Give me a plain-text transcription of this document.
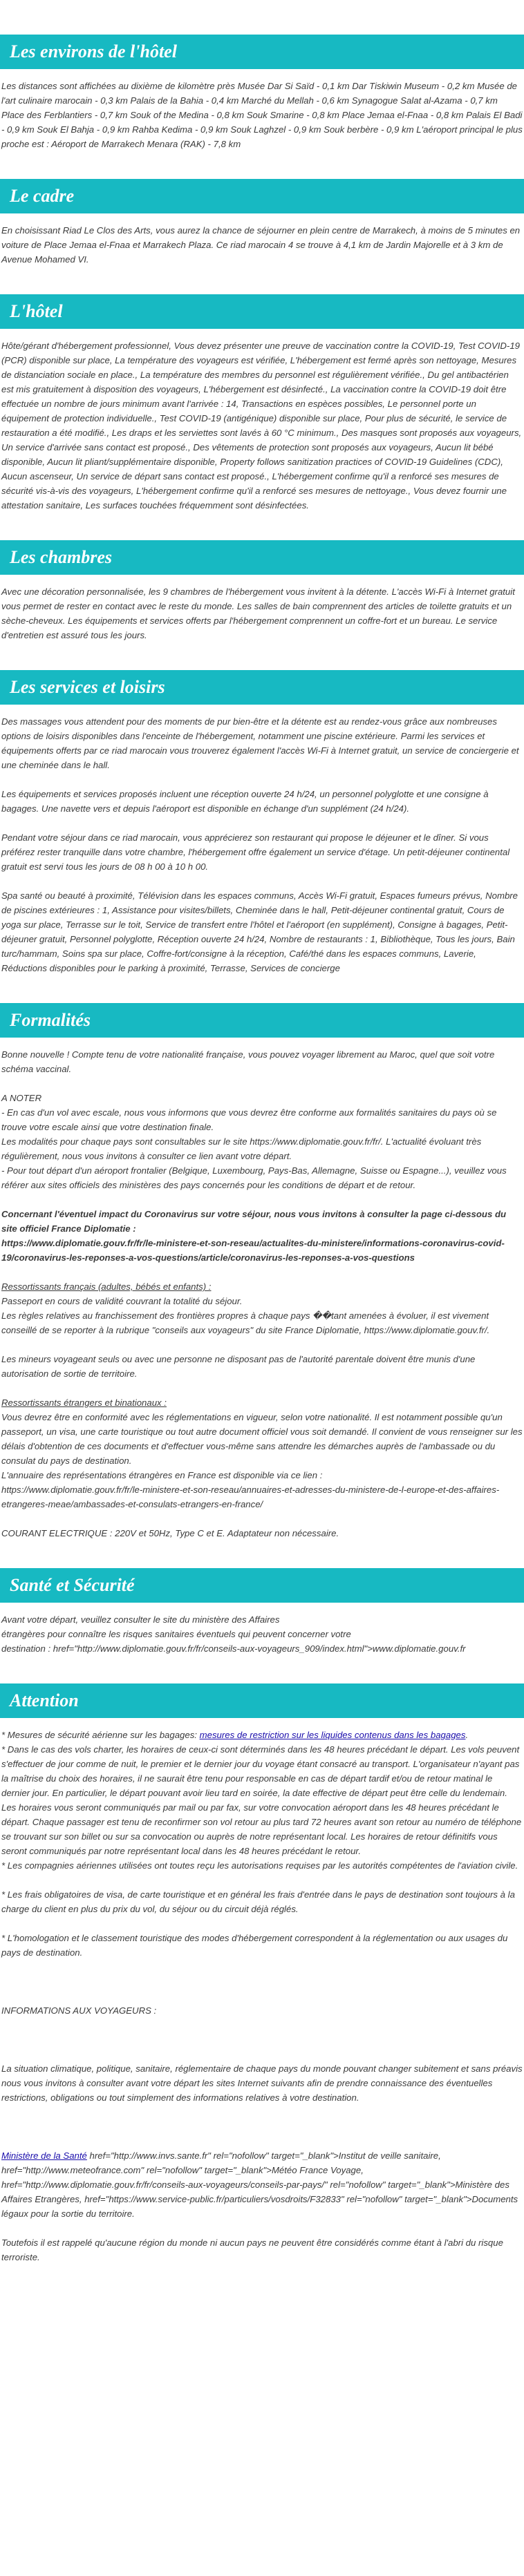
Les environs de l'hôtel

Les distances sont affichées au dixième de kilomètre près Musée Dar Si Saïd - 0,1 km Dar Tiskiwin Museum - 0,2 km Musée de l'art culinaire marocain - 0,3 km Palais de la Bahia - 0,4 km Marché du Mellah - 0,6 km Synagogue Salat al-Azama - 0,7 km Place des Ferblantiers - 0,7 km Souk of the Medina - 0,8 km Souk Smarine - 0,8 km Place Jemaa el-Fnaa - 0,8 km Palais El Badi - 0,9 km Souk El Bahja - 0,9 km Rahba Kedima - 0,9 km Souk Laghzel - 0,9 km Souk berbère - 0,9 km L'aéroport principal le plus proche est : Aéroport de Marrakech Menara (RAK) - 7,8 km

Le cadre

En choisissant Riad Le Clos des Arts, vous aurez la chance de séjourner en plein centre de Marrakech, à moins de 5 minutes en voiture de Place Jemaa el-Fnaa et Marrakech Plaza. Ce riad marocain 4 se trouve à 4,1 km de Jardin Majorelle et à 3 km de Avenue Mohamed VI.

L'hôtel

Hôte/gérant d'hébergement professionnel, Vous devez présenter une preuve de vaccination contre la COVID-19, Test COVID-19 (PCR) disponible sur place, La température des voyageurs est vérifiée, L'hébergement est fermé après son nettoyage, Mesures de distanciation sociale en place., La température des membres du personnel est régulièrement vérifiée., Du gel antibactérien est mis gratuitement à disposition des voyageurs, L'hébergement est désinfecté., La vaccination contre la COVID-19 doit être effectuée un nombre de jours minimum avant l'arrivée : 14, Transactions en espèces possibles, Le personnel porte un équipement de protection individuelle., Test COVID-19 (antigénique) disponible sur place, Pour plus de sécurité, le service de restauration a été modifié., Les draps et les serviettes sont lavés à 60 °C minimum., Des masques sont proposés aux voyageurs, Un service d'arrivée sans contact est proposé., Des vêtements de protection sont proposés aux voyageurs, Aucun lit bébé disponible, Aucun lit pliant/supplémentaire disponible, Property follows sanitization practices of COVID-19 Guidelines (CDC), Aucun ascenseur, Un service de départ sans contact est proposé., L'hébergement confirme qu'il a renforcé ses mesures de sécurité vis-à-vis des voyageurs, L'hébergement confirme qu'il a renforcé ses mesures de nettoyage., Vous devez fournir une attestation sanitaire, Les surfaces touchées fréquemment sont désinfectées.

Les chambres

Avec une décoration personnalisée, les 9 chambres de l'hébergement vous invitent à la détente. L'accès Wi-Fi à Internet gratuit vous permet de rester en contact avec le reste du monde. Les salles de bain comprennent des articles de toilette gratuits et un sèche-cheveux. Les équipements et services offerts par l'hébergement comprennent un coffre-fort et un bureau. Le service d'entretien est assuré tous les jours.

Les services et loisirs

Des massages vous attendent pour des moments de pur bien-être et la détente est au rendez-vous grâce aux nombreuses options de loisirs disponibles dans l'enceinte de l'hébergement, notamment une piscine extérieure. Parmi les services et équipements offerts par ce riad marocain vous trouverez également l'accès Wi-Fi à Internet gratuit, un service de conciergerie et une cheminée dans le hall.

Les équipements et services proposés incluent une réception ouverte 24 h/24, un personnel polyglotte et une consigne à bagages. Une navette vers et depuis l'aéroport est disponible en échange d'un supplément (24 h/24).

Pendant votre séjour dans ce riad marocain, vous apprécierez son restaurant qui propose le déjeuner et le dîner. Si vous préférez rester tranquille dans votre chambre, l'hébergement offre également un service d'étage. Un petit-déjeuner continental gratuit est servi tous les jours de 08 h 00 à 10 h 00.

Spa santé ou beauté à proximité, Télévision dans les espaces communs, Accès Wi-Fi gratuit, Espaces fumeurs prévus, Nombre de piscines extérieures : 1, Assistance pour visites/billets, Cheminée dans le hall, Petit-déjeuner continental gratuit, Cours de yoga sur place, Terrasse sur le toit, Service de transfert entre l'hôtel et l'aéroport (en supplément), Consigne à bagages, Petit-déjeuner gratuit, Personnel polyglotte, Réception ouverte 24 h/24, Nombre de restaurants : 1, Bibliothèque, Tous les jours, Bain turc/hammam, Soins spa sur place, Coffre-fort/consigne à la réception, Café/thé dans les espaces communs, Laverie, Réductions disponibles pour le parking à proximité, Terrasse, Services de concierge

Formalités

Bonne nouvelle ! Compte tenu de votre nationalité française, vous pouvez voyager librement au Maroc, quel que soit votre schéma vaccinal.

A NOTER

- En cas d'un vol avec escale, nous vous informons que vous devrez être conforme aux formalités sanitaires du pays où se trouve votre escale ainsi que votre destination finale.

Les modalités pour chaque pays sont consultables sur le site https://www.diplomatie.gouv.fr/fr/. L'actualité évoluant très régulièrement, nous vous invitons à consulter ce lien avant votre départ.

- Pour tout départ d'un aéroport frontalier (Belgique, Luxembourg, Pays-Bas, Allemagne, Suisse ou Espagne...), veuillez vous référer aux sites officiels des ministères des pays concernés pour les conditions de départ et de retour.

Concernant l'éventuel impact du Coronavirus sur votre séjour, nous vous invitons à consulter la page ci-dessous du site officiel France Diplomatie :

https://www.diplomatie.gouv.fr/fr/le-ministere-et-son-reseau/actualites-du-ministere/informations-coronavirus-covid-19/coronavirus-les-reponses-a-vos-questions/article/coronavirus-les-reponses-a-vos-questions

Ressortissants français (adultes, bébés et enfants) :

Passeport en cours de validité couvrant la totalité du séjour.

Les règles relatives au franchissement des frontières propres à chaque pays ��tant amenées à évoluer, il est vivement conseillé de se reporter à la rubrique "conseils aux voyageurs" du site France Diplomatie, https://www.diplomatie.gouv.fr/.

Les mineurs voyageant seuls ou avec une personne ne disposant pas de l'autorité parentale doivent être munis d'une autorisation de sortie de territoire.

Ressortissants étrangers et binationaux :

Vous devrez être en conformité avec les réglementations en vigueur, selon votre nationalité. Il est notamment possible qu'un passeport, un visa, une carte touristique ou tout autre document officiel vous soit demandé. Il convient de vous renseigner sur les délais d'obtention de ces documents et d'effectuer vous-même sans attendre les démarches auprès de l'ambassade ou du consulat du pays de destination.

L'annuaire des représentations étrangères en France est disponible via ce lien :

https://www.diplomatie.gouv.fr/fr/le-ministere-et-son-reseau/annuaires-et-adresses-du-ministere-de-l-europe-et-des-affaires-etrangeres-meae/ambassades-et-consulats-etrangers-en-france/

COURANT ELECTRIQUE : 220V et 50Hz, Type C et E. Adaptateur non nécessaire.

Santé et Sécurité

Avant votre départ, veuillez consulter le site du ministère des Affaires

étrangères pour connaître les risques sanitaires éventuels qui peuvent concerner votre

destination : href="http://www.diplomatie.gouv.fr/fr/conseils-aux-voyageurs_909/index.html">www.diplomatie.gouv.fr

Attention

* Mesures de sécurité aérienne sur les bagages: mesures de restriction sur les liquides contenus dans les bagages.

* Dans le cas des vols charter, les horaires de ceux-ci sont déterminés dans les 48 heures précédant le départ. Les vols peuvent s'effectuer de jour comme de nuit, le premier et le dernier jour du voyage étant consacré au transport. L'organisateur n'ayant pas la maîtrise du choix des horaires, il ne saurait être tenu pour responsable en cas de départ tardif et/ou de retour matinal le dernier jour. En particulier, le départ pouvant avoir lieu tard en soirée, la date effective de départ peut être celle du lendemain. Les horaires vous seront communiqués par mail ou par fax, sur votre convocation aéroport dans les 48 heures précédant le départ. Chaque passager est tenu de reconfirmer son vol retour au plus tard 72 heures avant son retour au numéro de téléphone se trouvant sur son billet ou sur sa convocation ou auprès de notre représentant local. Les horaires de retour définitifs vous seront communiqués par notre représentant local dans les 48 heures précédant le retour.

* Les compagnies aériennes utilisées ont toutes reçu les autorisations requises par les autorités compétentes de l'aviation civile.

* Les frais obligatoires de visa, de carte touristique et en général les frais d'entrée dans le pays de destination sont toujours à la charge du client en plus du prix du vol, du séjour ou du circuit déjà réglés.

* L'homologation et le classement touristique des modes d'hébergement correspondent à la réglementation ou aux usages du pays de destination.

INFORMATIONS AUX VOYAGEURS :

La situation climatique, politique, sanitaire, réglementaire de chaque pays du monde pouvant changer subitement et sans préavis

nous vous invitons à consulter avant votre départ les sites Internet suivants afin de prendre connaissance des éventuelles restrictions, obligations ou tout simplement des informations relatives à votre destination.

Ministère de la Santé href="http://www.invs.sante.fr" rel="nofollow" target="_blank">Institut de veille sanitaire, href="http://www.meteofrance.com" rel="nofollow" target="_blank">Météo France Voyage, href="http://www.diplomatie.gouv.fr/fr/conseils-aux-voyageurs/conseils-par-pays/" rel="nofollow" target="_blank">Ministère des Affaires Etrangères, href="https://www.service-public.fr/particuliers/vosdroits/F32833" rel="nofollow" target="_blank">Documents légaux pour la sortie du territoire.

Toutefois il est rappelé qu'aucune région du monde ni aucun pays ne peuvent être considérés comme étant à l'abri du risque terroriste.
